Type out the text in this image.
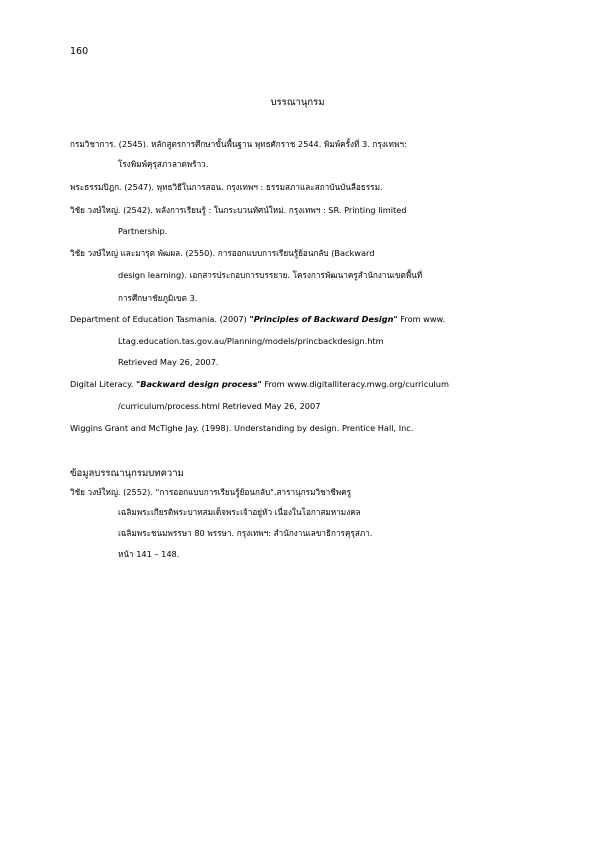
160
บรรณานุกรม
กรมวิชาการ. (2545). หลักสูตรการศึกษาขั้นพื้นฐาน พุทธศักราช 2544. พิมพ์ครั้งที่ 3. กรุงเทพฯ:
โรงพิมพ์คุรุสภาลาดพร้าว.
พระธรรมปิฎก. (2547). พุทธวิธีในการสอน. กรุงเทพฯ : ธรรมสภาและสถาบันบันลือธรรม.
วิชัย วงษ์ใหญ่. (2542). พลังการเรียนรู้ : ในกระบวนทัศน์ใหม่. กรุงเทพฯ : SR. Printing limited
Partnership.
วิชัย วงษ์ใหญ่ และมารุต พัฒผล. (2550). การออกแบบการเรียนรู้ย้อนกลับ (Backward
design learning). เอกสารประกอบการบรรยาย. โครงการพัฒนาครูสำนักงานเขตพื้นที่
การศึกษาชัยภูมิเขต 3.
Department of Education Tasmania. (2007) "Principles of Backward Design" From www.
Ltag.education.tas.gov.au/Planning/models/princbackdesign.htm
Retrieved May 26, 2007.
Digital Literacy. "Backward design process" From www.digitalliteracy.mwg.org/curriculum
/curriculum/process.html Retrieved May 26, 2007
Wiggins Grant and McTighe Jay. (1998). Understanding by design. Prentice Hall, Inc.
ข้อมูลบรรณานุกรมบทความ
วิชัย วงษ์ใหญ่. (2552). "การออกแบบการเรียนรู้ย้อนกลับ".สารานุกรมวิชาชีพครู
เฉลิมพระเกียรติพระบาทสมเด็จพระเจ้าอยู่หัว เนื่องในโอกาสมหามงคล
เฉลิมพระชนมพรรษา 80 พรรษา. กรุงเทพฯ: สำนักงานเลขาธิการคุรุสภา.
หน้า 141 – 148.
